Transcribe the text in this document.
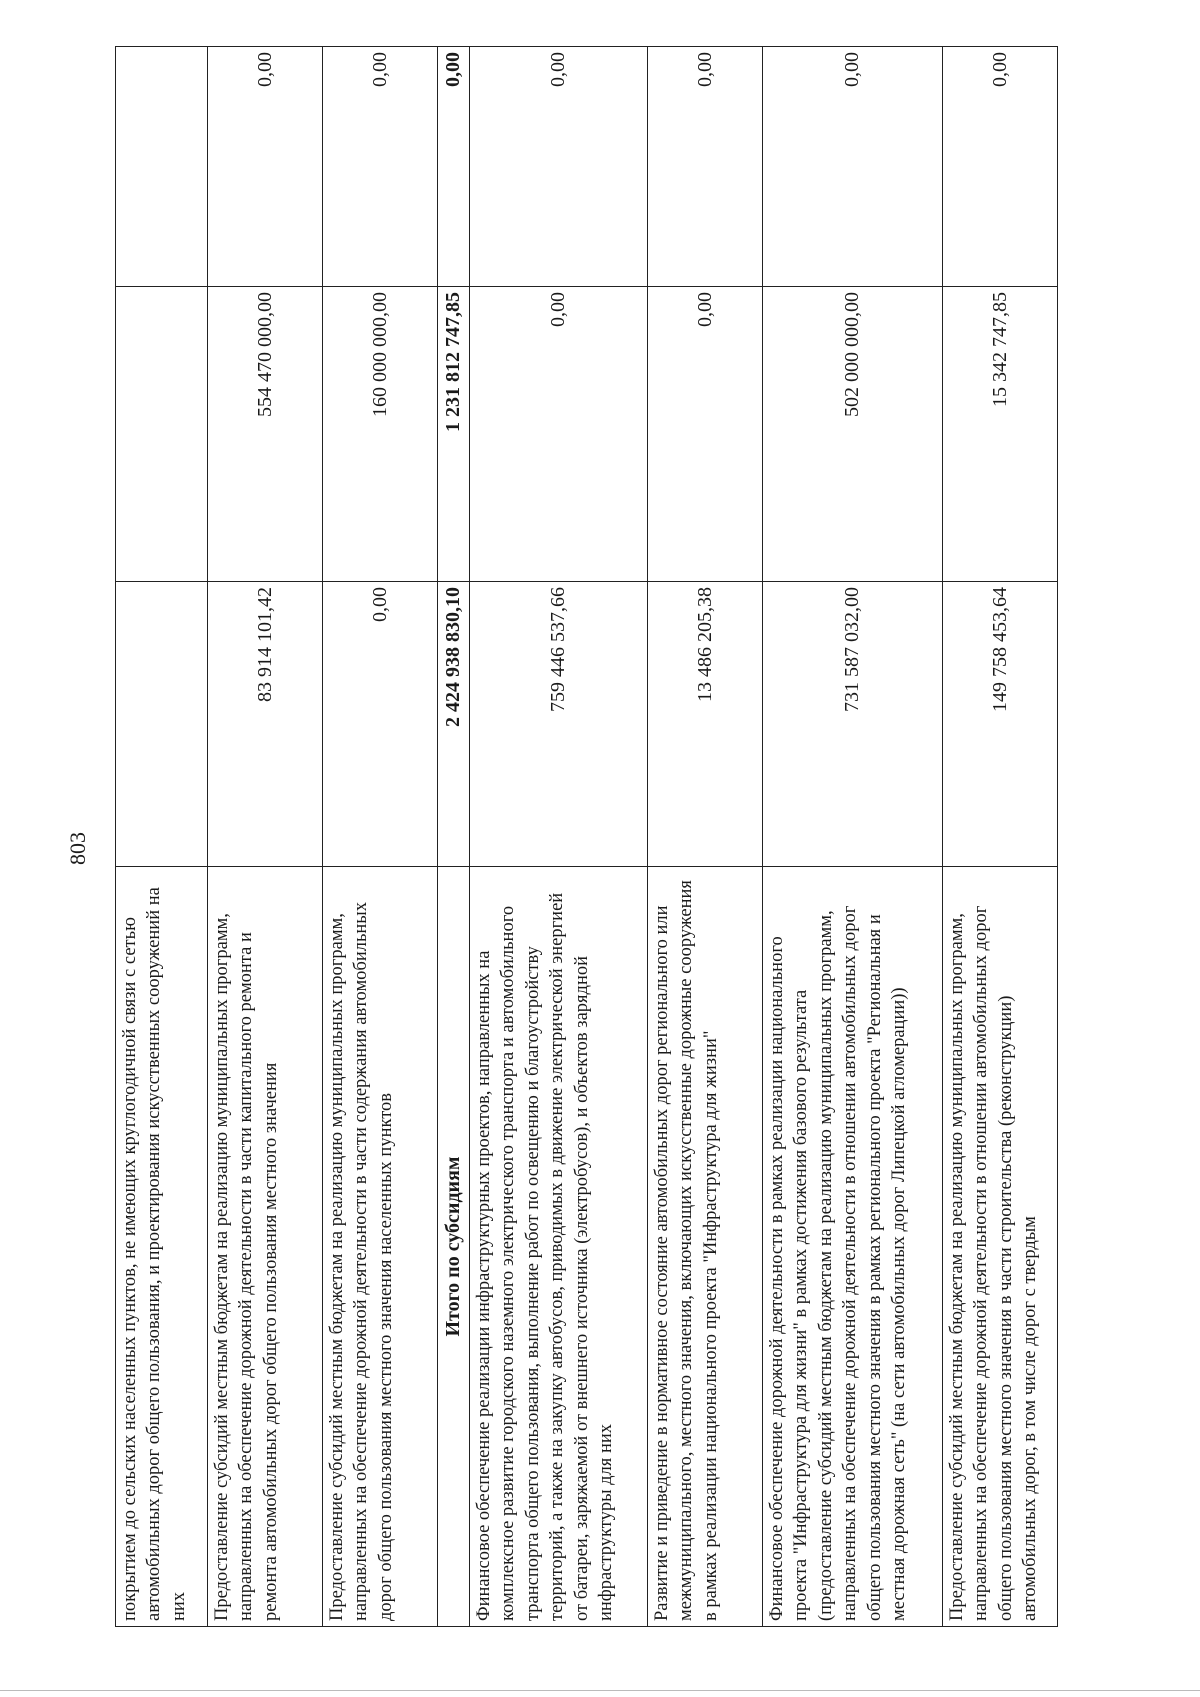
803
покрытием до сельских населенных пунктов, не имеющих круглогодичной связи с сетью автомобильных дорог общего пользования, и проектирования искусственных сооружений на них			
Предоставление субсидий местным бюджетам на реализацию муниципальных программ, направленных на обеспечение дорожной деятельности в части капитального ремонта и ремонта автомобильных дорог общего пользования местного значения	83 914 101,42	554 470 000,00	0,00
Предоставление субсидий местным бюджетам на реализацию муниципальных программ, направленных на обеспечение дорожной деятельности в части содержания автомобильных дорог общего пользования местного значения населенных пунктов	0,00	160 000 000,00	0,00
Итого по субсидиям	2 424 938 830,10	1 231 812 747,85	0,00
Финансовое обеспечение реализации инфраструктурных проектов, направленных на комплексное развитие городского наземного электрического транспорта и автомобильного транспорта общего пользования, выполнение работ по освещению и благоустройству территорий, а также на закупку автобусов, приводимых в движение электрической энергией от батареи, заряжаемой от внешнего источника (электробусов), и объектов зарядной инфраструктуры для них	759 446 537,66	0,00	0,00
Развитие и приведение в нормативное состояние автомобильных дорог регионального или межмуниципального, местного значения, включающих искусственные дорожные сооружения в рамках реализации национального проекта "Инфраструктура для жизни"	13 486 205,38	0,00	0,00
Финансовое обеспечение дорожной деятельности в рамках реализации национального проекта "Инфраструктура для жизни" в рамках достижения базового результата (предоставление субсидий местным бюджетам на реализацию муниципальных программ, направленных на обеспечение дорожной деятельности в отношении автомобильных дорог общего пользования местного значения в рамках регионального проекта "Региональная и местная дорожная сеть" (на сети автомобильных дорог Липецкой агломерации))	731 587 032,00	502 000 000,00	0,00
Предоставление субсидий местным бюджетам на реализацию муниципальных программ, направленных на обеспечение дорожной деятельности в отношении автомобильных дорог общего пользования местного значения в части строительства (реконструкции) автомобильных дорог, в том числе дорог с твердым	149 758 453,64	15 342 747,85	0,00
